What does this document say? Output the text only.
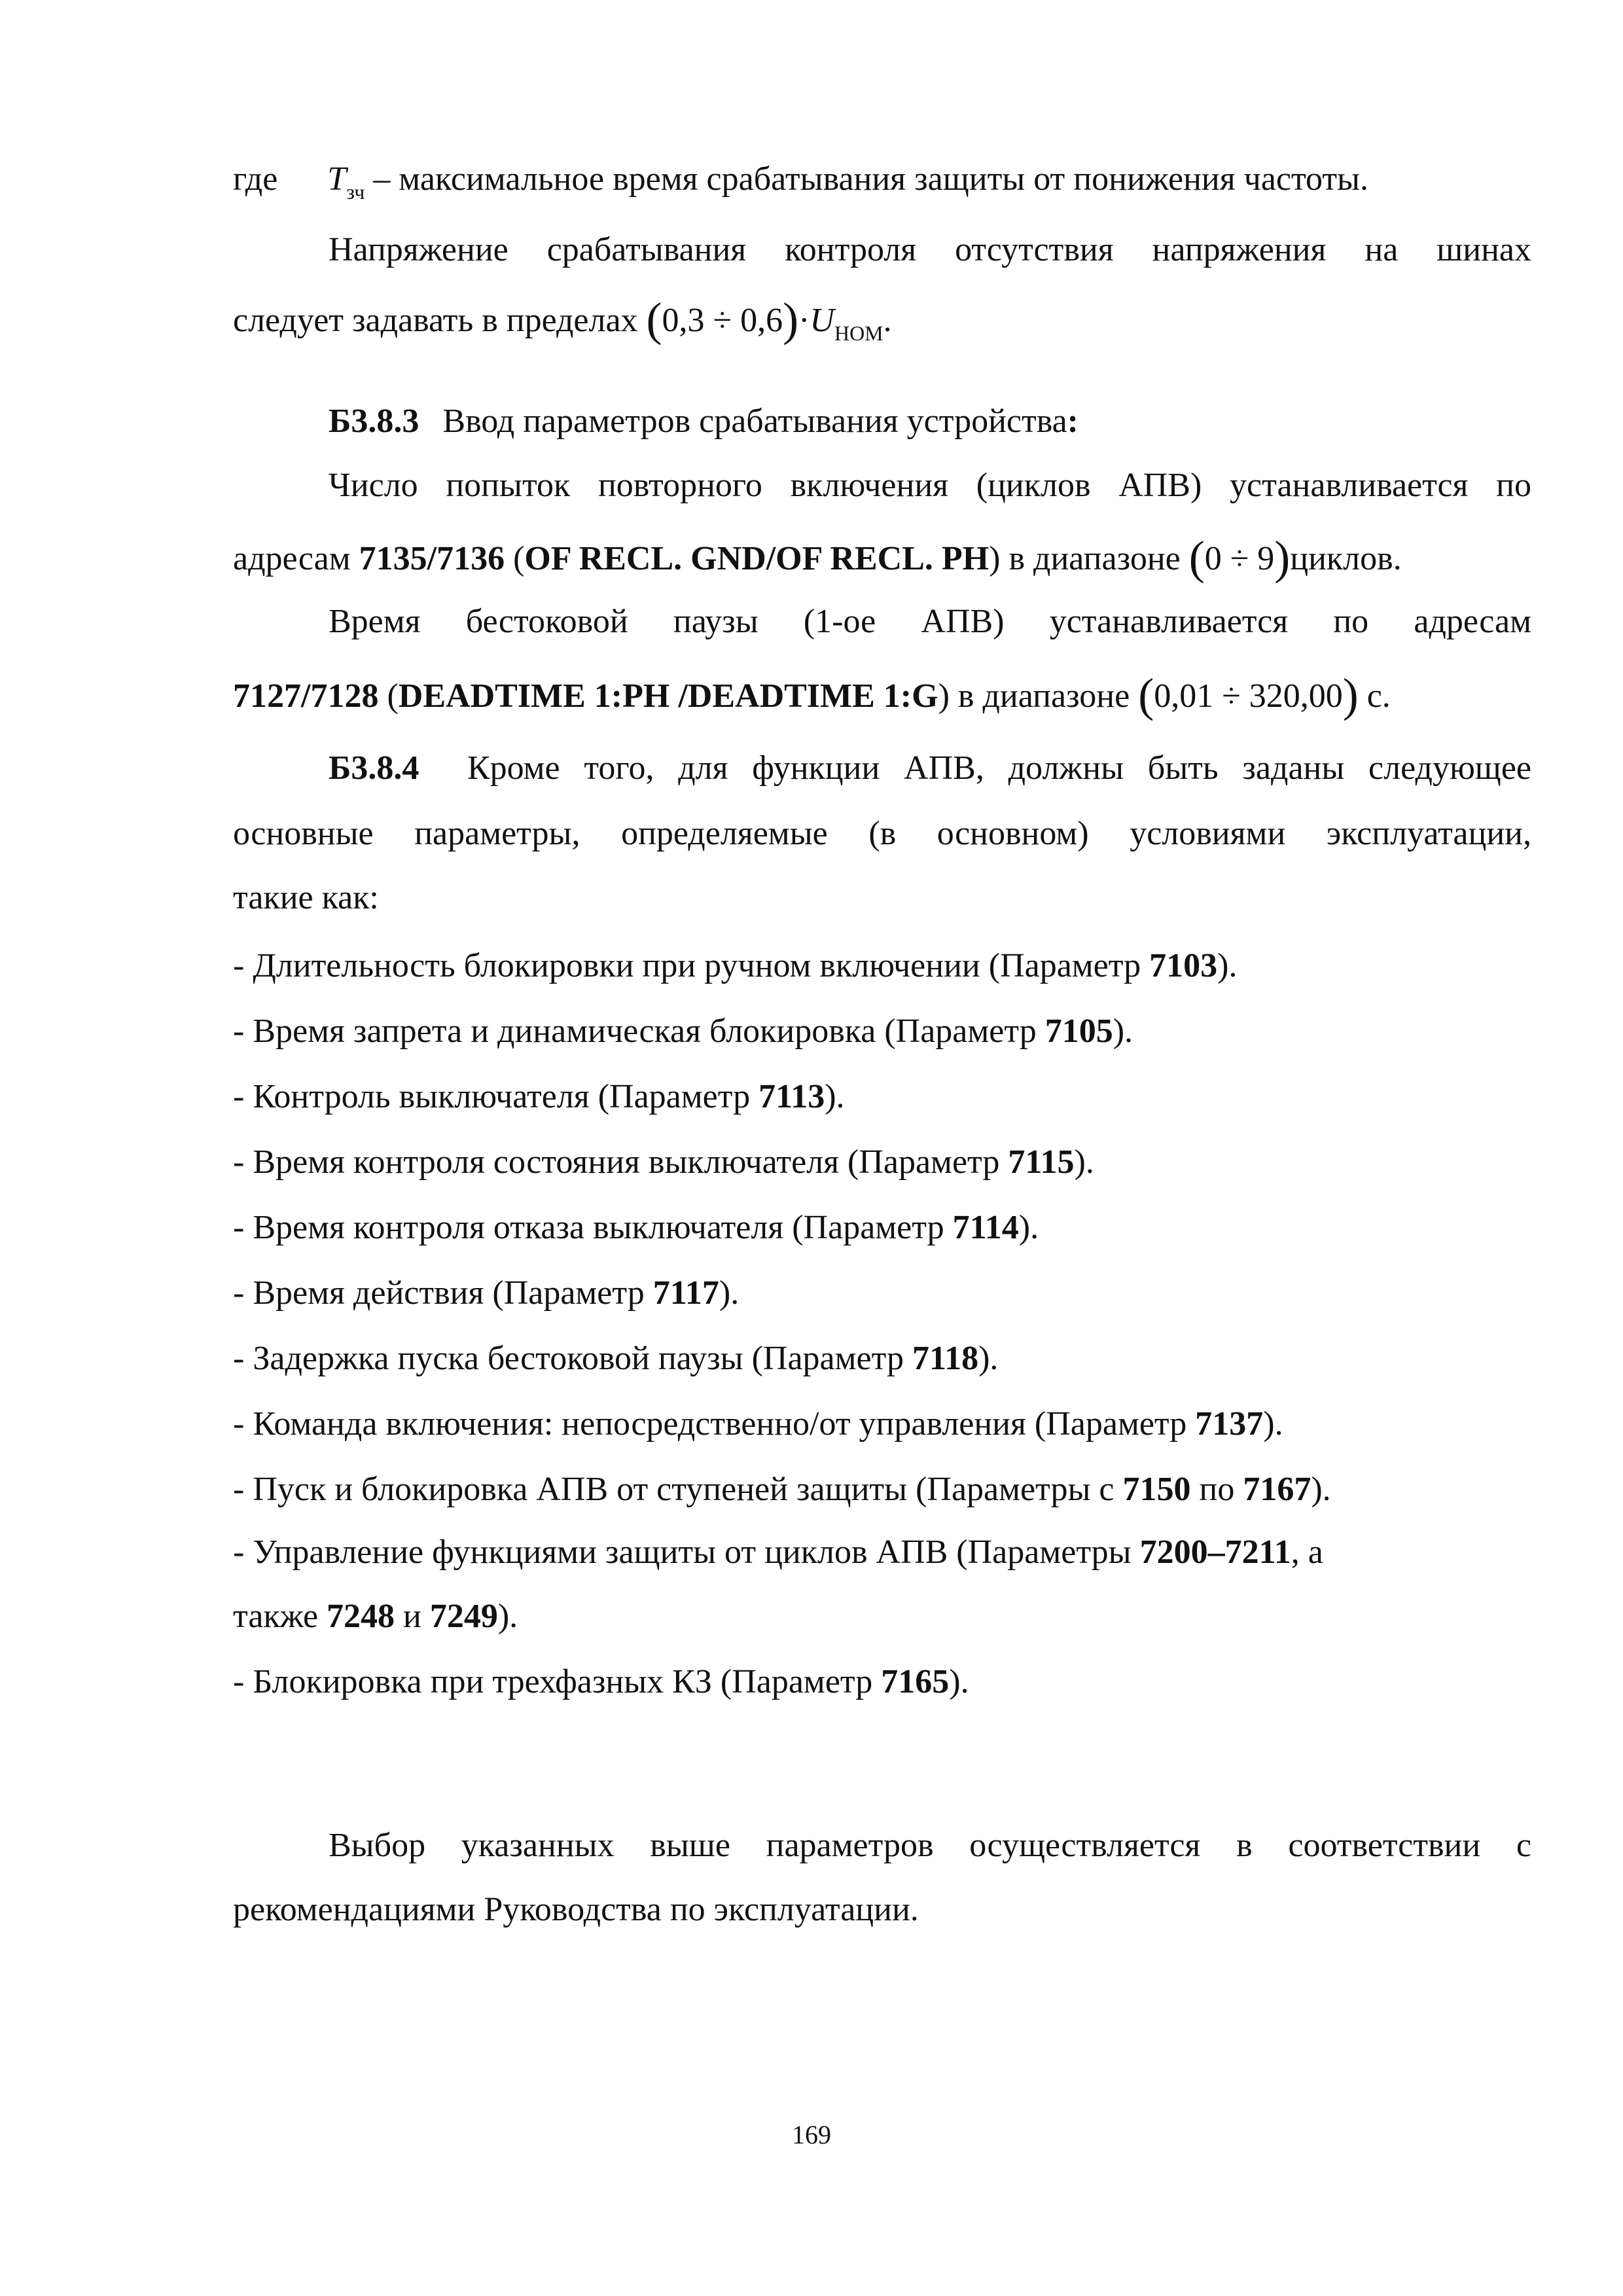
где $T_{зч}$ – максимальное время срабатывания защиты от понижения частоты.
Напряжение срабатывания контроля отсутствия напряжения на шинах
следует задавать в пределах $(0,3 \div 0,6)\cdot U_{НОМ}$.
Б3.8.3 Ввод параметров срабатывания устройства:
Число попыток повторного включения (циклов АПВ) устанавливается по
адресам 7135/7136 (OF RECL. GND/OF RECL. PH) в диапазоне (0 ÷ 9)циклов.
Время бестоковой паузы (1-ое АПВ) устанавливается по адресам
7127/7128 (DEADTIME 1:PH /DEADTIME 1:G) в диапазоне (0,01 ÷ 320,00) с.
Б3.8.4 Кроме того, для функции АПВ, должны быть заданы следующее
основные параметры, определяемые (в основном) условиями эксплуатации,
такие как:
- Длительность блокировки при ручном включении (Параметр 7103).
- Время запрета и динамическая блокировка (Параметр 7105).
- Контроль выключателя (Параметр 7113).
- Время контроля состояния выключателя (Параметр 7115).
- Время контроля отказа выключателя (Параметр 7114).
- Время действия (Параметр 7117).
- Задержка пуска бестоковой паузы (Параметр 7118).
- Команда включения: непосредственно/от управления (Параметр 7137).
- Пуск и блокировка АПВ от ступеней защиты (Параметры с 7150 по 7167).
- Управление функциями защиты от циклов АПВ (Параметры 7200–7211, а
также 7248 и 7249).
- Блокировка при трехфазных КЗ (Параметр 7165).
Выбор указанных выше параметров осуществляется в соответствии с
рекомендациями Руководства по эксплуатации.
169
